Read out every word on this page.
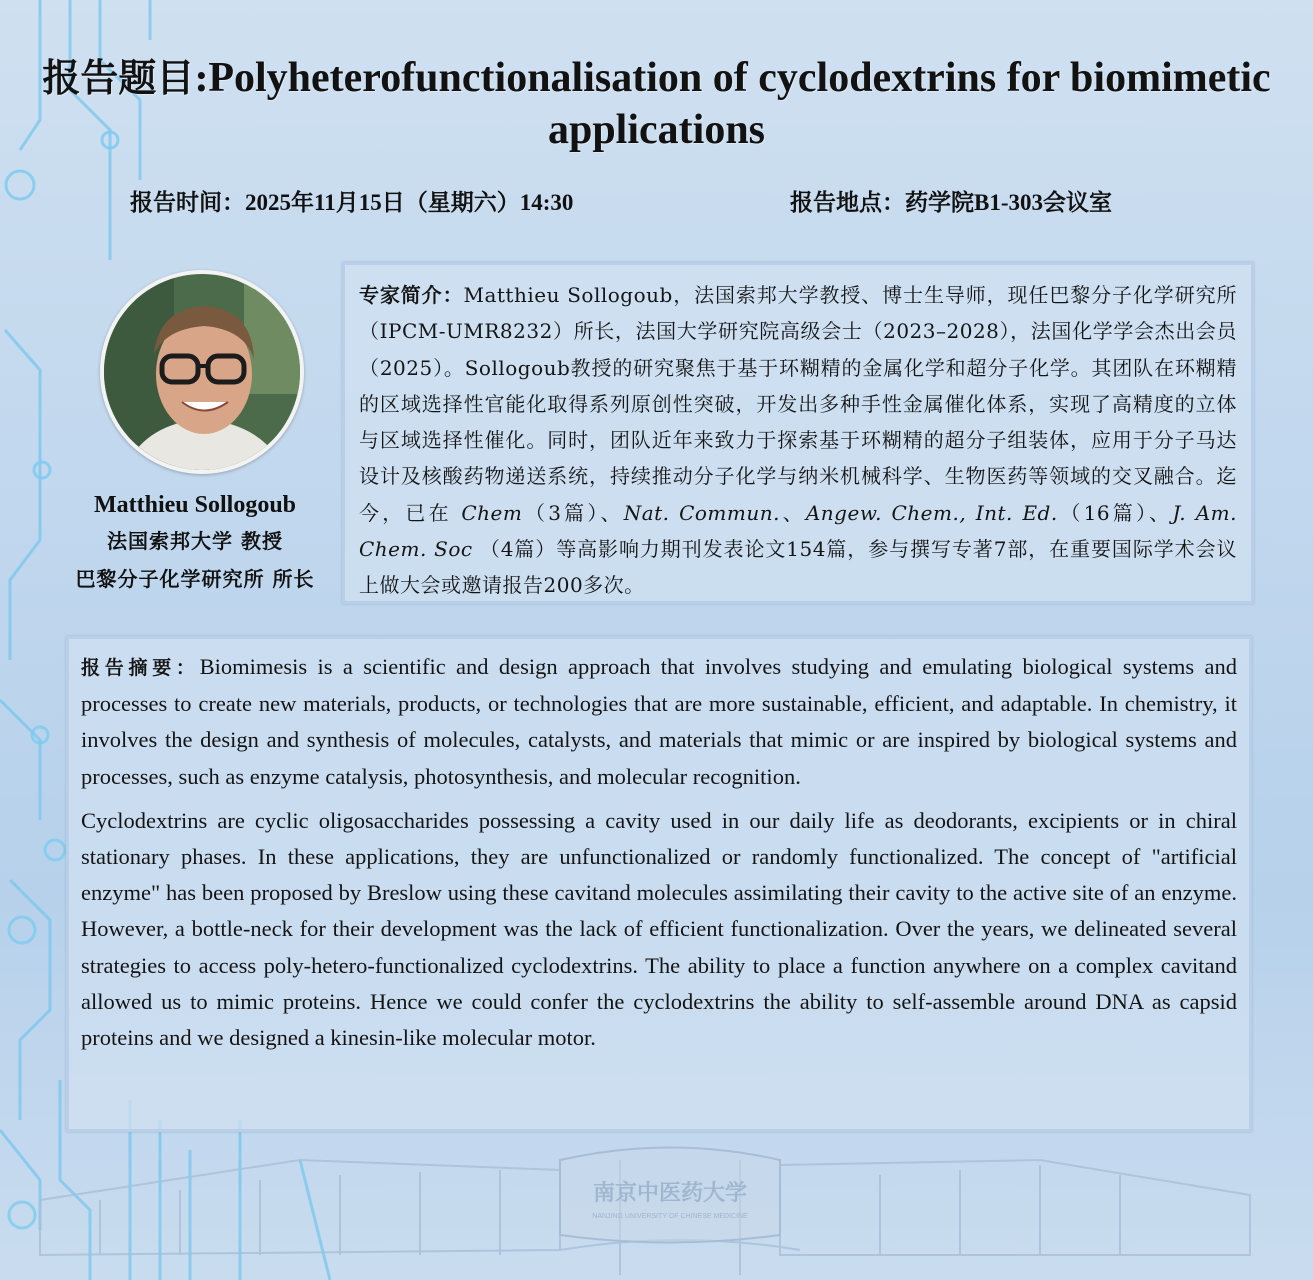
报告题目:Polyheterofunctionalisation of cyclodextrins for biomimetic applications
报告时间：2025年11月15日（星期六）14:30	报告地点：药学院B1-303会议室
Matthieu Sollogoub
法国索邦大学 教授
巴黎分子化学研究所 所长

专家简介：Matthieu Sollogoub，法国索邦大学教授、博士生导师，现任巴黎分子化学研究所（IPCM-UMR8232）所长，法国大学研究院高级会士（2023–2028），法国化学学会杰出会员（2025）。Sollogoub教授的研究聚焦于基于环糊精的金属化学和超分子化学。其团队在环糊精的区域选择性官能化取得系列原创性突破，开发出多种手性金属催化体系，实现了高精度的立体与区域选择性催化。同时，团队近年来致力于探索基于环糊精的超分子组装体，应用于分子马达设计及核酸药物递送系统，持续推动分子化学与纳米机械科学、生物医药等领域的交叉融合。迄今，已在 Chem（3篇）、Nat. Commun.、Angew. Chem., Int. Ed.（16篇）、J. Am. Chem. Soc （4篇）等高影响力期刊发表论文154篇，参与撰写专著7部，在重要国际学术会议上做大会或邀请报告200多次。

报告摘要：Biomimesis is a scientific and design approach that involves studying and emulating biological systems and processes to create new materials, products, or technologies that are more sustainable, efficient, and adaptable. In chemistry, it involves the design and synthesis of molecules, catalysts, and materials that mimic or are inspired by biological systems and processes, such as enzyme catalysis, photosynthesis, and molecular recognition.

Cyclodextrins are cyclic oligosaccharides possessing a cavity used in our daily life as deodorants, excipients or in chiral stationary phases. In these applications, they are unfunctionalized or randomly functionalized. The concept of "artificial enzyme" has been proposed by Breslow using these cavitand molecules assimilating their cavity to the active site of an enzyme. However, a bottle-neck for their development was the lack of efficient functionalization. Over the years, we delineated several strategies to access poly-hetero-functionalized cyclodextrins. The ability to place a function anywhere on a complex cavitand allowed us to mimic proteins. Hence we could confer the cyclodextrins the ability to self-assemble around DNA as capsid proteins and we designed a kinesin-like molecular motor.

南京中医药大学
NANJING UNIVERSITY OF CHINESE MEDICINE
